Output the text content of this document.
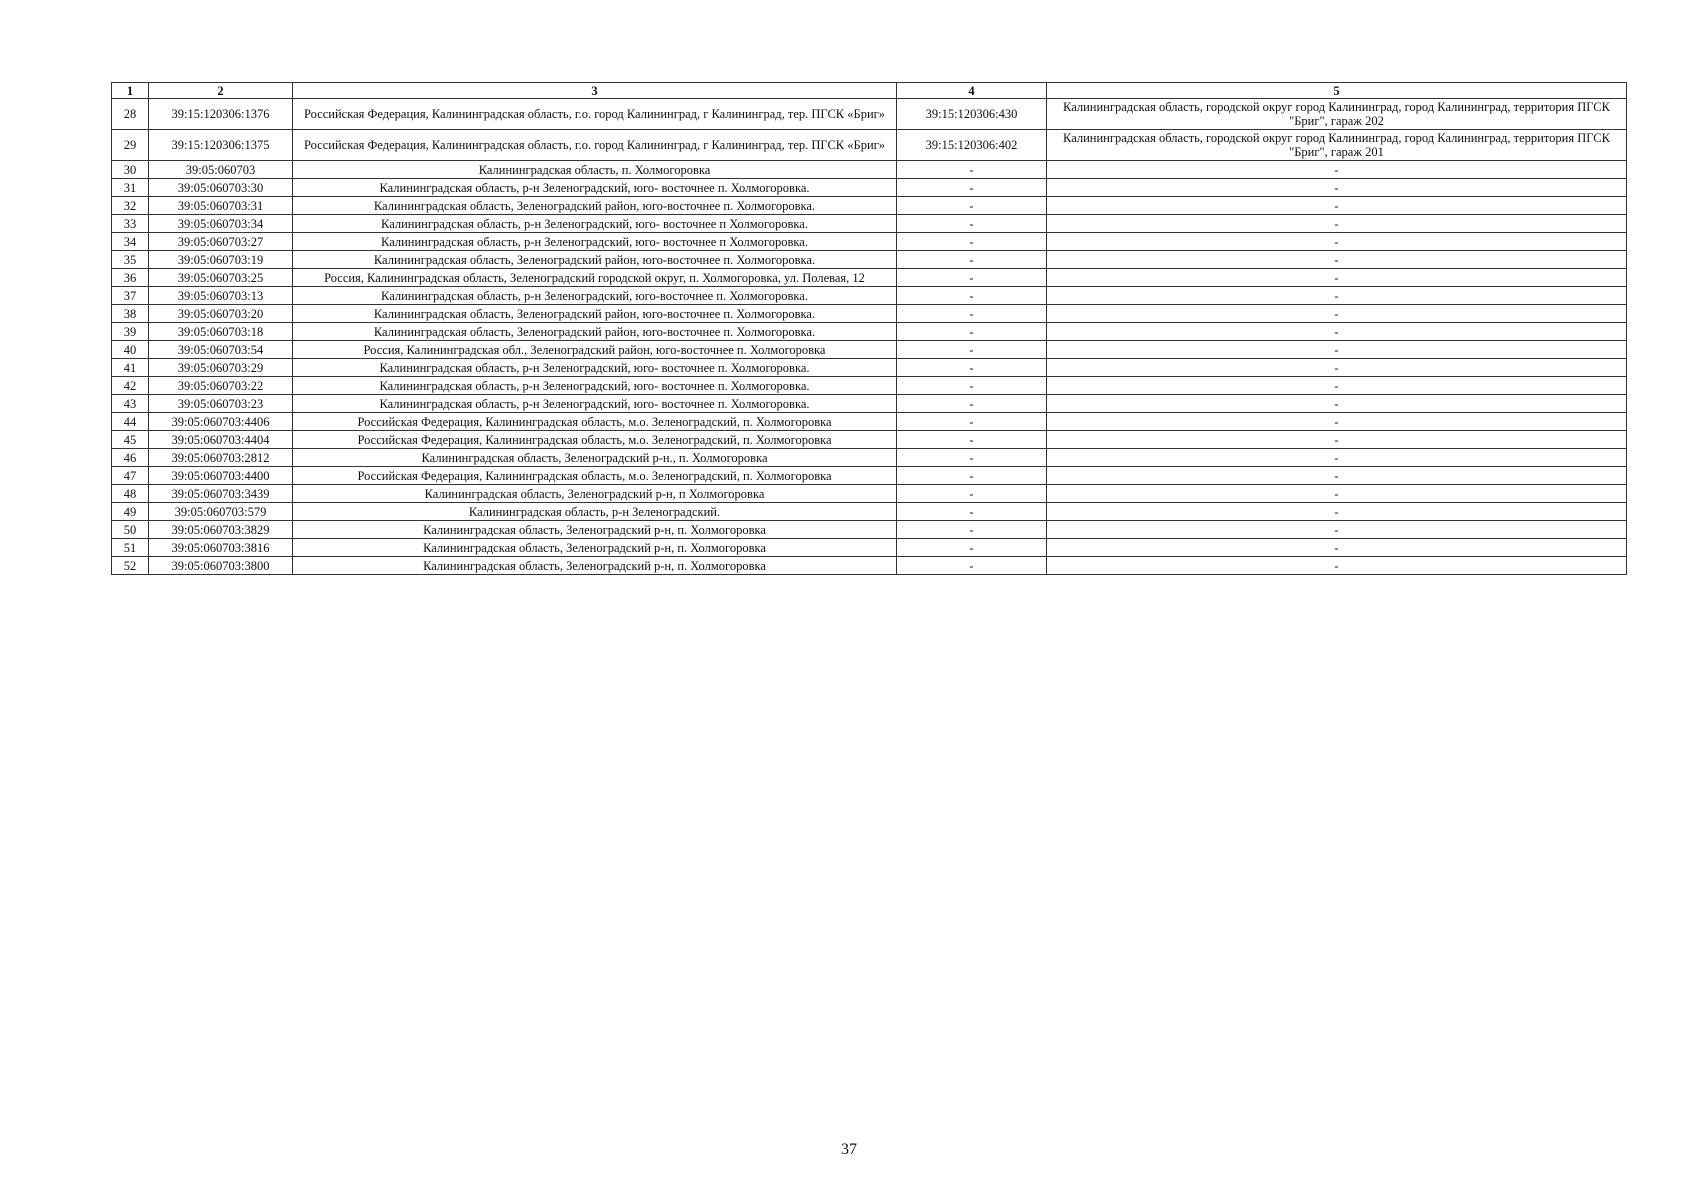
1	2	3	4	5
28	39:15:120306:1376	Российская Федерация, Калининградская область, г.о. город Калининград, г Калининград, тер. ПГСК «Бриг»	39:15:120306:430	Калининградская область, городской округ город Калининград, город Калининград, территория ПГСК "Бриг", гараж 202
29	39:15:120306:1375	Российская Федерация, Калининградская область, г.о. город Калининград, г Калининград, тер. ПГСК «Бриг»	39:15:120306:402	Калининградская область, городской округ город Калининград, город Калининград, территория ПГСК "Бриг", гараж 201
30	39:05:060703	Калининградская область, п. Холмогоровка	-	-
31	39:05:060703:30	Калининградская область, р-н Зеленоградский, юго- восточнее п. Холмогоровка.	-	-
32	39:05:060703:31	Калининградская область, Зеленоградский район, юго-восточнее п. Холмогоровка.	-	-
33	39:05:060703:34	Калининградская область, р-н Зеленоградский, юго- восточнее п Холмогоровка.	-	-
34	39:05:060703:27	Калининградская область, р-н Зеленоградский, юго- восточнее п Холмогоровка.	-	-
35	39:05:060703:19	Калининградская область, Зеленоградский район, юго-восточнее п. Холмогоровка.	-	-
36	39:05:060703:25	Россия, Калининградская область, Зеленоградский городской округ, п. Холмогоровка, ул. Полевая, 12	-	-
37	39:05:060703:13	Калининградская область, р-н Зеленоградский, юго-восточнее п. Холмогоровка.	-	-
38	39:05:060703:20	Калининградская область, Зеленоградский район, юго-восточнее п. Холмогоровка.	-	-
39	39:05:060703:18	Калининградская область, Зеленоградский район, юго-восточнее п. Холмогоровка.	-	-
40	39:05:060703:54	Россия, Калининградская обл., Зеленоградский район, юго-восточнее п. Холмогоровка	-	-
41	39:05:060703:29	Калининградская область, р-н Зеленоградский, юго- восточнее п. Холмогоровка.	-	-
42	39:05:060703:22	Калининградская область, р-н Зеленоградский, юго- восточнее п. Холмогоровка.	-	-
43	39:05:060703:23	Калининградская область, р-н Зеленоградский, юго- восточнее п. Холмогоровка.	-	-
44	39:05:060703:4406	Российская Федерация, Калининградская область, м.о. Зеленоградский, п. Холмогоровка	-	-
45	39:05:060703:4404	Российская Федерация, Калининградская область, м.о. Зеленоградский, п. Холмогоровка	-	-
46	39:05:060703:2812	Калининградская область, Зеленоградский р-н., п. Холмогоровка	-	-
47	39:05:060703:4400	Российская Федерация, Калининградская область, м.о. Зеленоградский, п. Холмогоровка	-	-
48	39:05:060703:3439	Калининградская область, Зеленоградский р-н, п Холмогоровка	-	-
49	39:05:060703:579	Калининградская область, р-н Зеленоградский.	-	-
50	39:05:060703:3829	Калининградская область, Зеленоградский р-н, п. Холмогоровка	-	-
51	39:05:060703:3816	Калининградская область, Зеленоградский р-н, п. Холмогоровка	-	-
52	39:05:060703:3800	Калининградская область, Зеленоградский р-н, п. Холмогоровка	-	-
37
